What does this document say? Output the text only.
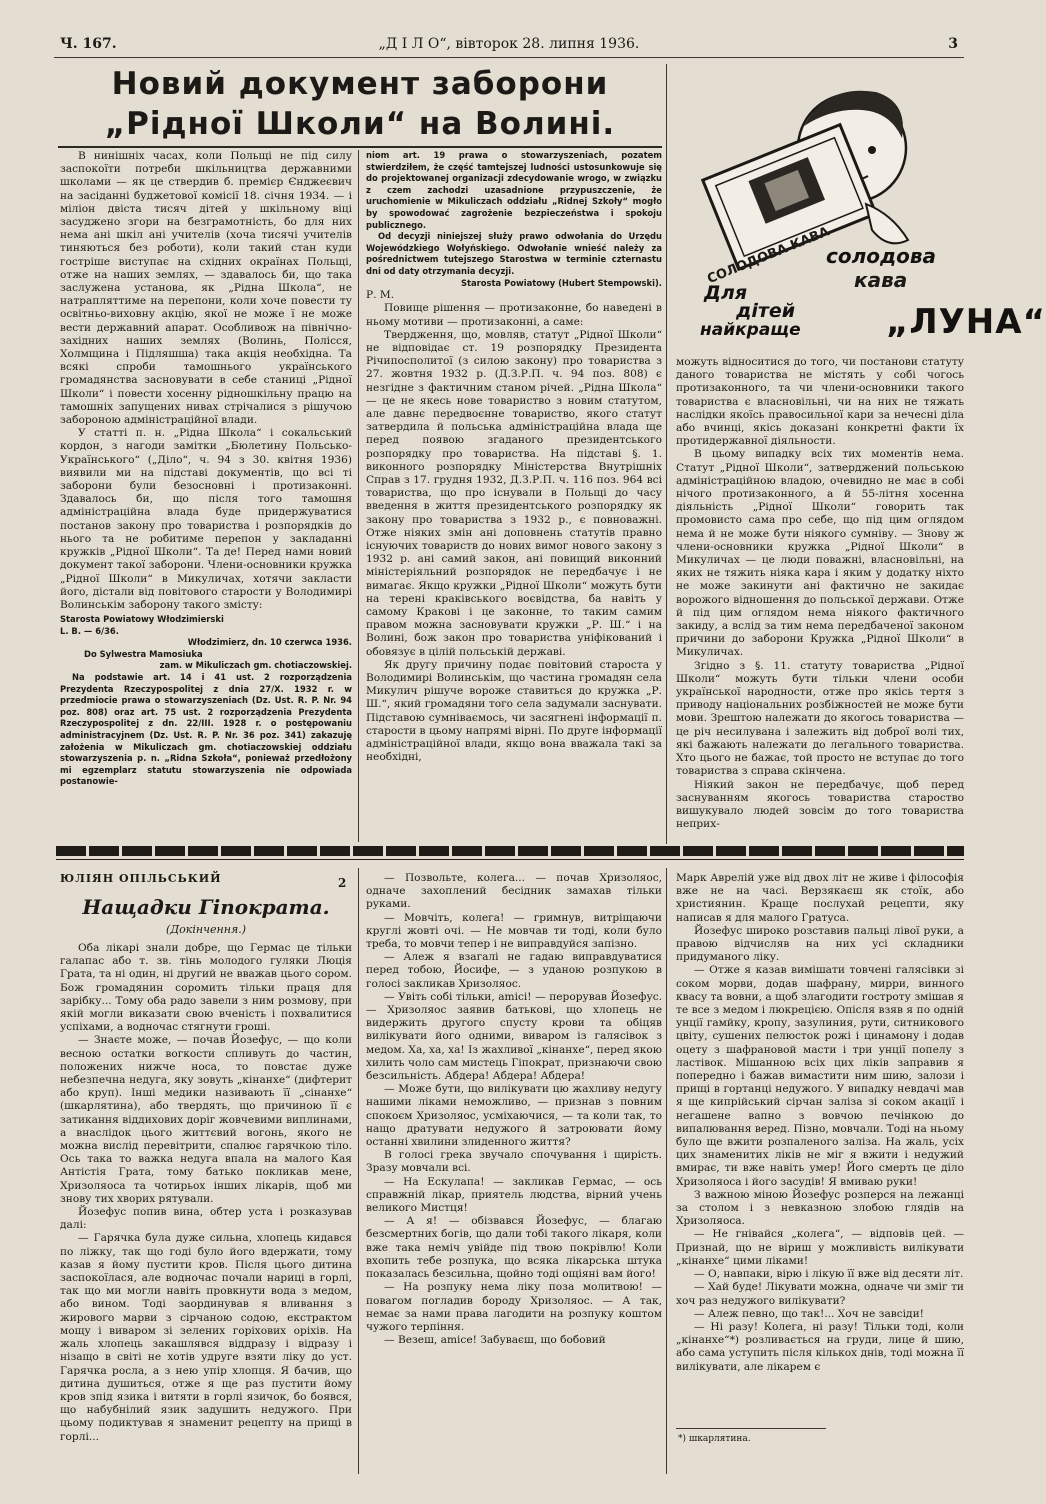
Ч. 167.	„Д І Л О“, вівторок 28. липня 1936.	3
Новий документ заборони
„Рідної Школи“ на Волині.

В нинішніх часах, коли Польщі не під силу заспокоїти потреби шкільництва державними школами — як це ствердив б. премієр Єнджеєвич на засіданні буджетової комісії 18. січня 1934. — і міліон двіста тисяч дітей у шкільному віці засуджено згори на безграмотність, бо для них нема ані шкіл ані учителів (хоча тисячі учителів тиняються без роботи), коли такий стан куди гостріше виступає на східних окраїнах Польщі, отже на наших землях, — здавалось би, що така заслужена установа, як „Рідна Школа“, не натрапляттиме на перепони, коли хоче повести ту освітньо-виховну акцію, якої не може ї не може вести державний апарат. Особливож на північно-західних наших землях (Волинь, Полісся, Холмщина і Підляшша) така акція необхідна. Та всякі спроби тамошнього українського громадянства засновувати в себе станиці „Рідної Школи“ і повести хосенну рідношкільну працю на тамошніх запущених нивах стрічалися з рішучою забороною адміністраційної влади.

У статті п. н. „Рідна Школа“ і сокальський кордон, з нагоди замітки „Бюлетину Польсько-Українського“ („Діло“, ч. 94 з 30. квітня 1936) виявили ми на підставі документів, що всі ті заборони були безосновні і протизаконні. Здавалось би, що після того тамошня адміністраційна влада буде придержуватися постанов закону про товариства і розпорядків до нього та не робитиме перепон у закладанні кружків „Рідної Школи“. Та де! Перед нами новий документ такої заборони. Члени-основники кружка „Рідної Школи“ в Микуличах, хотячи закласти його, дістали від повітового старости у Володимирі Волинськім заборону такого змісту:

Starosta Powiatowy Włodzimierski

L. B. — 6/36.

Włodzimierz, dn. 10 czerwca 1936.

Do Sylwestra Mamosiuka

zam. w Mikuliczach gm. chotiaczowskiej.

Na podstawie art. 14 i 41 ust. 2 rozporządzenia Prezydenta Rzeczypospolitej z dnia 27/X. 1932 r. w przedmiocie prawa o stowarzyszeniach (Dz. Ust. R. P. Nr. 94 poz. 808) oraz art. 75 ust. 2 rozporządzenia Prezydenta Rzeczypospolitej z dn. 22/III. 1928 r. o postępowaniu administracyjnem (Dz. Ust. R. P. Nr. 36 poz. 341) zakazuję założenia w Mikuliczach gm. chotiaczowskiej oddziału stowarzyszenia p. n. „Ridna Szkoła“, ponieważ przedłożony mi egzemplarz statutu stowarzyszenia nie odpowiada postanowie-

niom art. 19 prawa o stowarzyszeniach, pozatem stwierdziłem, że część tamtejszej ludności ustosunkowuje się do projektowanej organizacji zdecydowanie wrogo, w związku z czem zachodzi uzasadnione przypuszczenie, że uruchomienie w Mikuliczach oddziału „Ridnej Szkoły“ mogło by spowodować zagrożenie bezpieczeństwa i spokoju publicznego.

Od decyzji niniejszej służy prawo odwołania do Urzędu Wojewódzkiego Wołyńskiego. Odwołanie wnieść należy za pośrednictwem tutejszego Starostwa w terminie czternastu dni od daty otrzymania decyzji.

Starosta Powiatowy (Hubert Stempowski).

Р. М.

Повище рішення — протизаконне, бо наведені в ньому мотиви — протизаконні, а саме:

Твердження, що, мовляв, статут „Рідної Школи“ не відповідає ст. 19 розпорядку Президента Річипосполитої (з силою закону) про товариства з 27. жовтня 1932 р. (Д.З.Р.П. ч. 94 поз. 808) є незгідне з фактичним станом річей. „Рідна Школа“ — це не якесь нове товариство з новим статутом, але давнє передвоєнне товариство, якого статут затвердила й польська адміністраційна влада ще перед появою згаданого президентського розпорядку про товариства. На підставі §. 1. виконного розпорядку Міністерства Внутрішніх Справ з 17. грудня 1932, Д.З.Р.П. ч. 116 поз. 964 всі товариства, що про існували в Польщі до часу введення в життя президентського розпорядку як закону про товариства з 1932 р., є повноважні. Отже ніяких змін ані доповнень статутів правно існуючих товариств до нових вимог нового закону з 1932 р. ані самий закон, ані повищий виконний міністеріяльний розпорядок не передбачує і не вимагає. Якщо кружки „Рідної Школи“ можуть бути на терені краківського воєвідства, ба навіть у самому Кракові і це законне, то таким самим правом можна засновувати кружки „Р. Ш.“ і на Волині, бож закон про товариства уніфікований і обовязує в цілій польській державі.

Як другу причину подає повітовий староста у Володимирі Волинськім, що частина громадян села Микулич рішуче вороже ставиться до кружка „Р. Ш.“, який громадяни того села задумали заснувати. Підставою сумніваємось, чи засягнені інформації п. старости в цьому напрямі вірні. По друге інформації адміністраційної влади, якщо вона вважала такі за необхідні,

СОЛОДОВА КАВА
Для
дітей
найкраще
солодова
кава
„ЛУНА“

можуть відноситися до того, чи постанови статуту даного товариства не містять у собі чогось протизаконного, та чи члени-основники такого товариства є влаcновільні, чи на них не тяжать наслідки якоїсь правосильної кари за нечесні діла або вчинці, якісь доказані конкретні факти їх протидержавної діяльности.

В цьому випадку всіх тих моментів нема. Статут „Рідної Школи“, затверджений польською адміністраційною владою, очевидно не має в собі нічого протизаконного, а й 55-літня хосенна діяльність „Рідної Школи“ говорить так промовисто сама про себе, що під цим оглядом нема й не може бути ніякого сумніву. — Знову ж члени-основники кружка „Рідної Школи“ в Микуличах — це люди поважні, власновільні, на яких не тяжить ніяка кара і яким у додатку ніхто не може закинути ані фактично не закидає ворожого відношення до польської держави. Отже й під цим оглядом нема ніякого фактичного закиду, а вслід за тим нема передбаченої законом причини до заборони Кружка „Рідної Школи“ в Микуличах.

Згідно з §. 11. статуту товариства „Рідної Школи“ можуть бути тільки члени особи української народности, отже про якісь тертя з приводу національних розбіжностей не може бути мови. Зрештою належати до якогось товариства — це річ несилувана і залежить від доброї волі тих, які бажають належати до легального товариства. Хто цього не бажає, той просто не вступає до того товариства з справа скінчена.

Ніякий закон не передбачує, щоб перед заснуванням якогось товариства староство вишукувало людей зовсім до того товариства неприх-

2
ЮЛІЯН ОПІЛЬСЬКИЙ
Нащадки Гіпократа.
(Докінчення.)

Оба лікарі знали добре, що Гермас це тільки галапас або т. зв. тінь молодого гуляки Люція Грата, та ні один, ні другий не вважав цього сором. Бож громадянин соромить тільки праця для зарібку... Тому оба радо завели з ним розмову, при якій могли виказати свою вченість і похвалитися успіхами, а водночас стягнути гроші.

— Знаєте може, — почав Йозефус, — що коли весною остатки вогкости спливуть до частин, положених нижче носа, то повстає дуже небезпечна недуга, яку зовуть „кінанхе“ (дифтерит або круп). Інші медики називають її „сінанхе“ (шкарлятина), або твердять, що причиною її є затикання віддихових доріг жовчевими виплинами, а внаслідок цього життєвий вогонь, якого не можна вислід перевітрити, спалює гарячкою тіло. Ось така то важка недуга впала на малого Кая Антістія Грата, тому батько покликав мене, Хризоляоса та чотирьох інших лікарів, щоб ми знову тих хворих рятували.

Йозефус попив вина, обтер уста і розказував далі:

— Гарячка була дуже сильна, хлопець кидався по ліжку, так що годі було його вдержати, тому казав я йому пустити кров. Після цього дитина заспокоїлася, але водночас почали нариці в горлі, так що ми могли навіть провкнути вода з медом, або вином. Тоді заординував я вливання з жирового марви з сірчаною содою, екстрактом мощу і виваром зі зелених горіхових оріхів. На жаль хлопець закашлявся віддразу і відразу і нізащо в світі не хотів удруге взяти ліку до уст. Гарячка росла, а з нею упір хлопця. Я бачив, що дитина душиться, отже я ще раз пустити йому кров зпід язика і витяти в горлі язичок, бо боявся, що набубнілий язик задушить недужого. При цьому подиктував я знаменит рецепту на прищі в горлі...

— Позвольте, колега... — почав Хризоляос, одначе захоплений бесідник замахав тільки руками.

— Мовчіть, колега! — гримнув, витріщаючи круглі жовті очі. — Не мовчав ти тоді, коли було треба, то мовчи тепер і не виправдуйся запізно.

— Алеж я взагалі не гадаю виправдуватися перед тобою, Йосифе, — з уданою розпукою в голосі закликав Хризоляос.

— Увіть собі тільки, amici! — перорував Йозефус. — Хризоляос заявив батькові, що хлопець не видержить другого спусту крови та обіцяв вилікувати його одними, виваром із галясівок з медом. Ха, ха, ха! Із жахливої „кінанхе“, перед якою хилить чоло сам мистець Гіпократ, признаючи свою безсильність. Абдера! Абдера! Абдера!

— Може бути, що вилікувати цю жахливу недугу нашими ліками неможливо, — признав з повним спокоєм Хризоляос, усміхаючися, — та коли так, то нащо дратувати недужого й затроювати йому останні хвилини злиденного життя?

В голосі грека звучало спочування і щирість. Зразу мовчали всі.

— На Ескулапа! — закликав Гермас, — ось справжній лікар, приятель людства, вірний учень великого Мистця!

— А я! — обізвався Йозефус, — благаю безсмертних богів, що дали тобі такого лікаря, коли вже така неміч увійде під твою покрівлю! Коли вхопить тебе розпука, що всяка лікарська штука показалась безсильна, щойно тоді ощіяні вам його!

— На розпуку нема ліку поза молитвою! — повагом погладив бороду Хризоляос. — А так, немає за нами права лагодити на розпуку коштом чужого терпіння.

— Везеш, amice! Забуваєш, що бобовий

Марк Аврелій уже від двох літ не живе і філософія вже не на часі. Верзякаєш як стоїк, або християнин. Краще послухай рецепти, яку написав я для малого Гратуса.

Йозефус широко розставив пальці лівої руки, а правою відчисляв на них усі складники придуманого ліку.

— Отже я казав вимішати товчені галясівки зі соком морви, додав шафрану, мирри, винного квасу та вовни, а щоб злагодити гостроту змішав я те все з медом і люкрецією. Опісля взяв я по одній унції гамйку, кропу, зазулиния, рути, ситникового цвіту, сушених пелюсток рожі і цинамону і додав оцету з шафрановой масти і три унції попелу з ластівок. Мішанною всіх цих ліків заправив я попередно і бажав вимастити ним шию, залози і прищі в гортанці недужого. У випадку невдачі мав я ще кипрійський сірчан заліза зі соком акації і негашене вапно з вовчою печінкою до випалювання веред. Пізно, мовчали. Тоді на ньому було ще вжити розпаленого заліза. На жаль, усіх цих знаменитих ліків не міг я вжити і недужий вмирає, ти вже навіть умер! Його смерть це діло Хризоляоса і його засудів! Я вмиваю руки!

З важною міною Йозефус розперся на лежанці за столом і з невказною злобою глядів на Хризоляоса.

— Не гнівайся „колега“, — відповів цей. — Признай, що не віриш у можливість вилікувати „кінанхе“ цими ліками!

— О, навпаки, вірю і лікую її вже від десяти літ.

— Хай буде! Лікувати можна, одначе чи зміг ти хоч раз недужого вилікувати?

— Алеж певно, що так!... Хоч не завсіди!

— Ні разу! Колега, ні разу! Тільки тоді, коли „кінанхе“*) розливається на груди, лице й шию, або сама уступить після кількох днів, тоді можна її вилікувати, але лікарем є

*) шкарлятина.
